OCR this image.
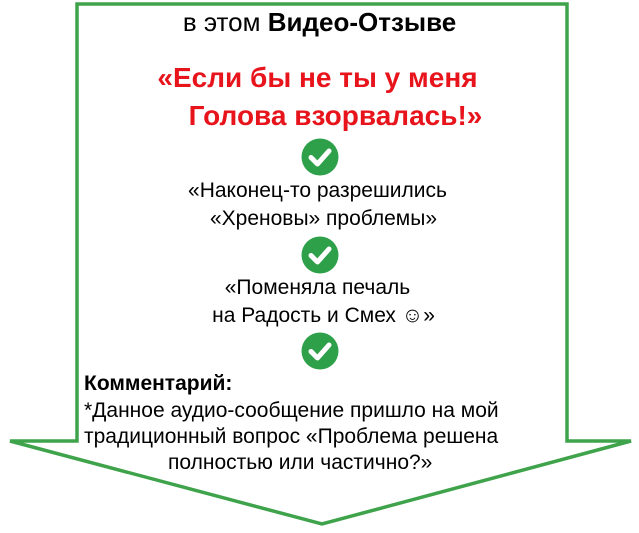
в этом Видео-Отзыве
«Если бы не ты у меня
Голова взорвалась!»
«Наконец-то разрешились
«Хреновы» проблемы»
«Поменяла печаль
на Радость и Смех ☺»
Комментарий:
*Данное аудио-сообщение пришло на мой
традиционный вопрос «Проблема решена
полностью или частично?»
